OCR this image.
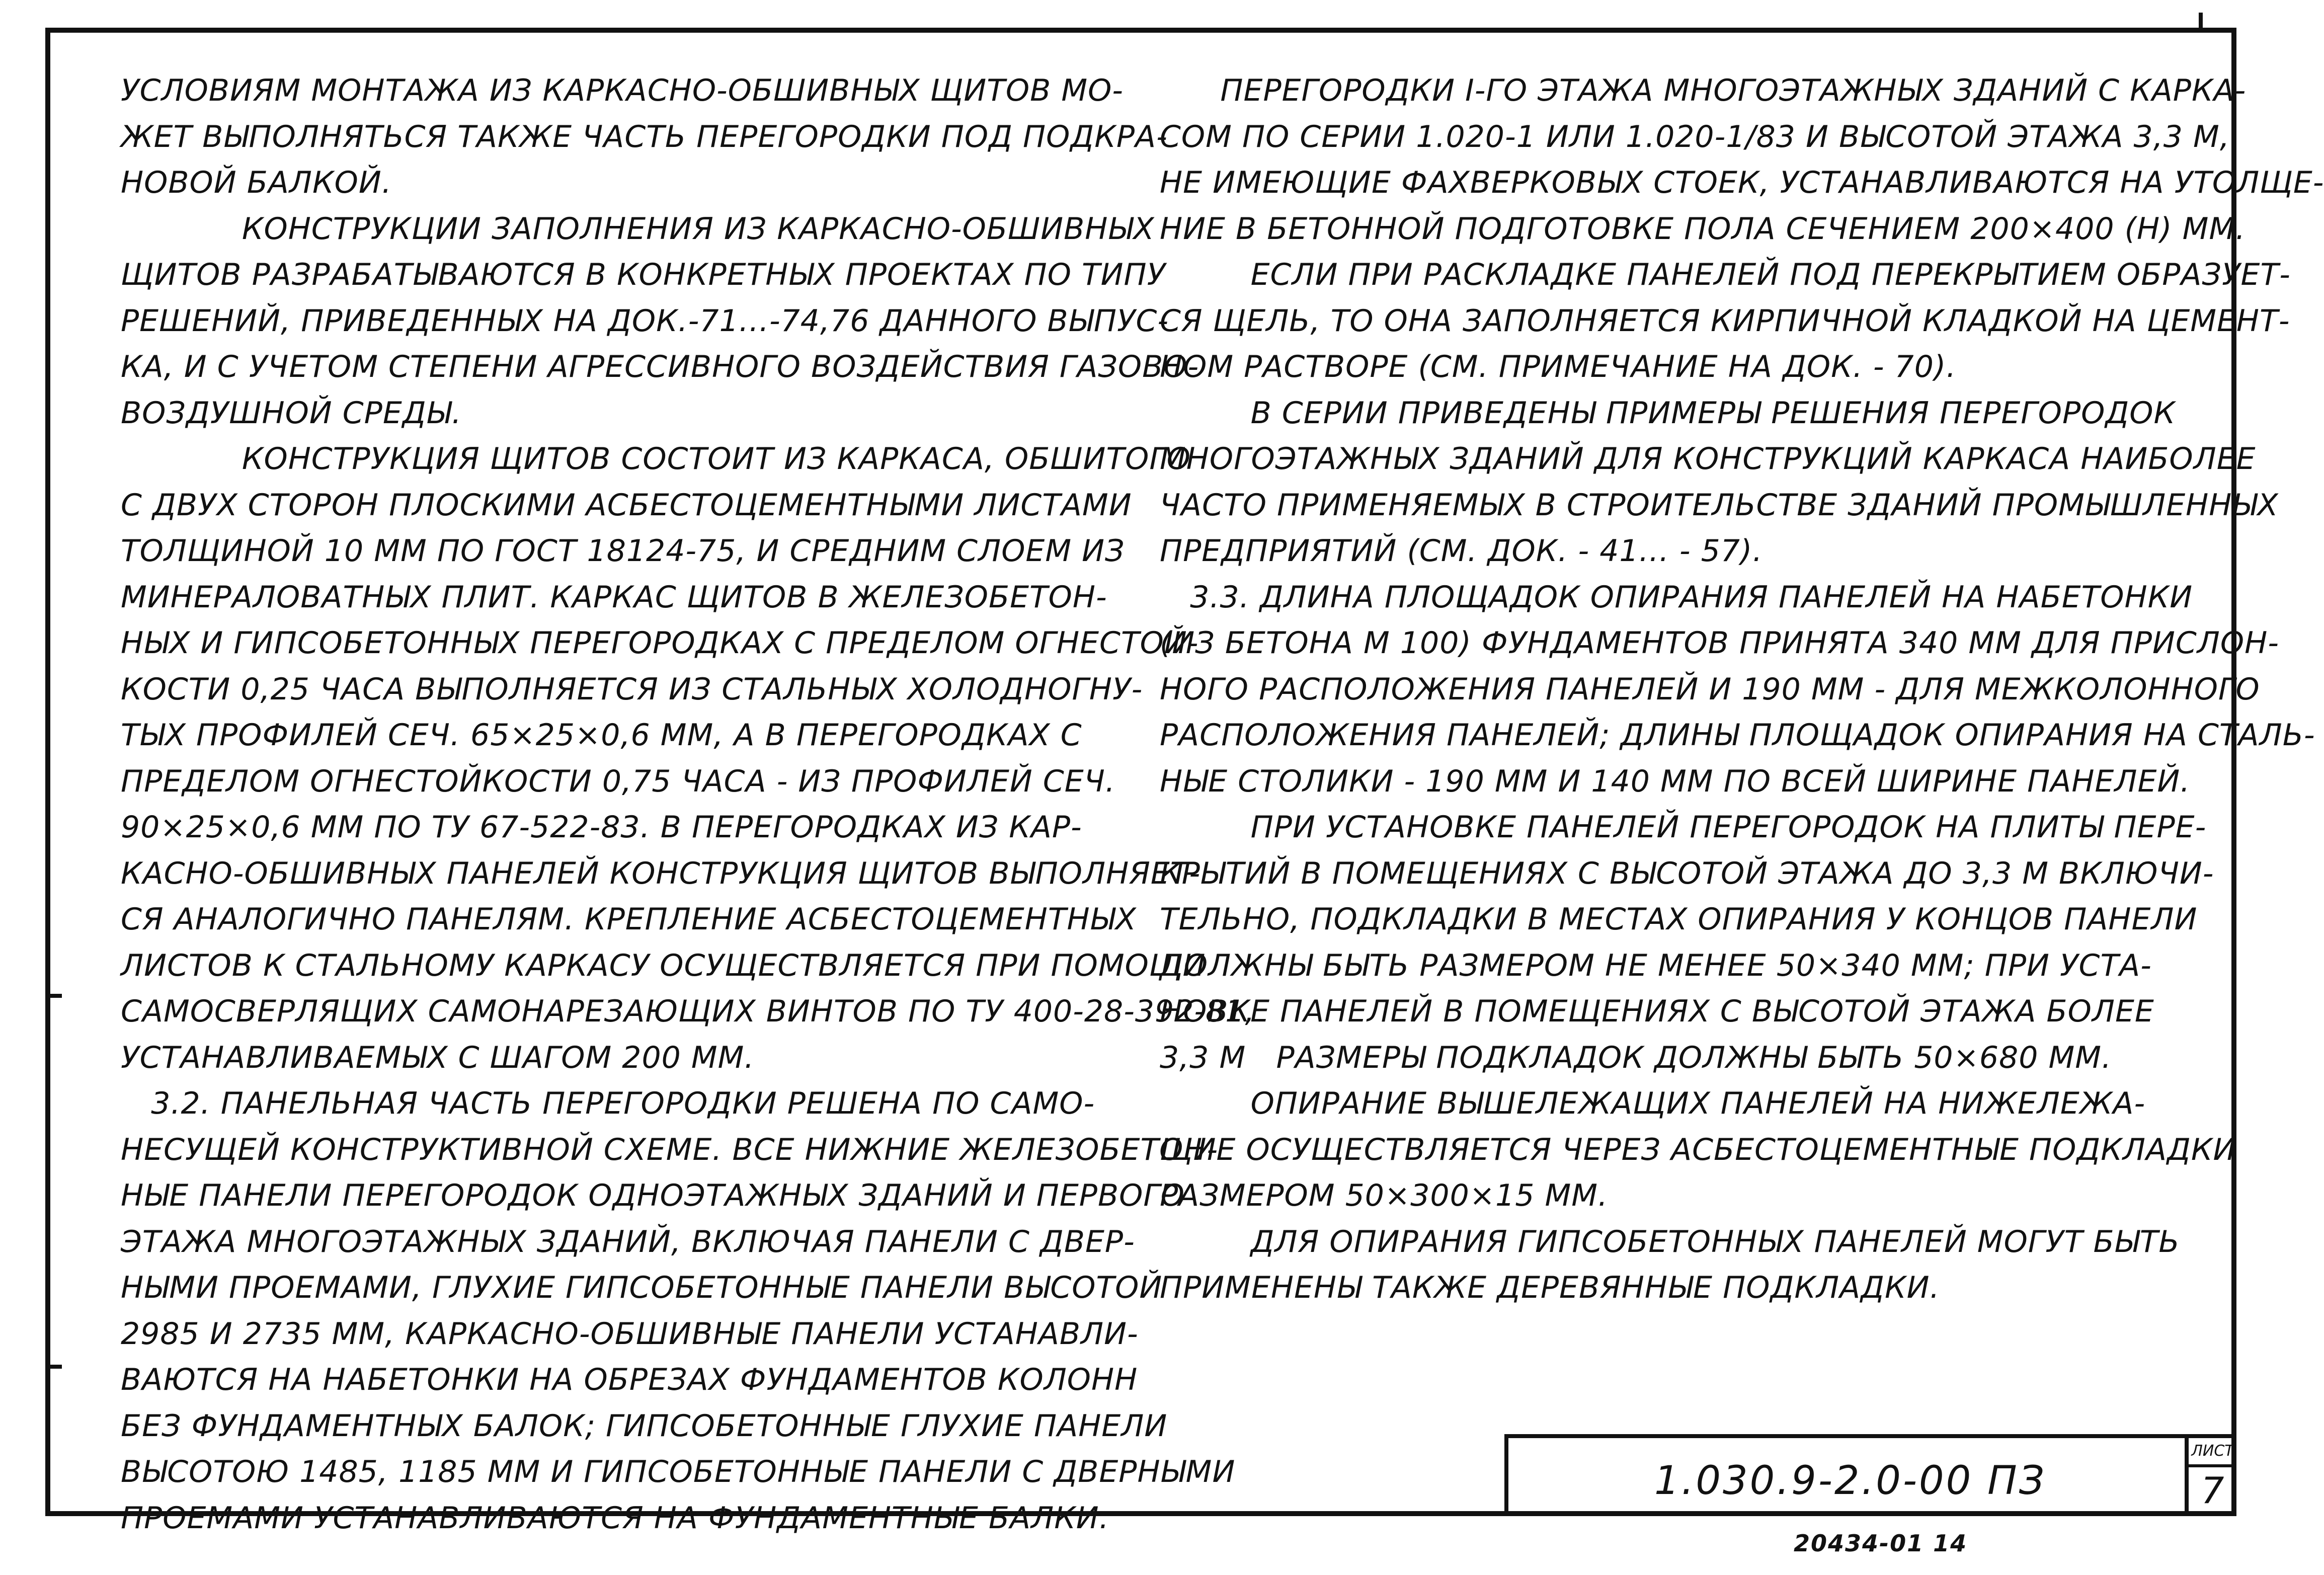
УСЛОВИЯМ МОНТАЖА ИЗ КАРКАСНО-ОБШИВНЫХ ЩИТОВ МО-
ЖЕТ ВЫПОЛНЯТЬСЯ ТАКЖЕ ЧАСТЬ ПЕРЕГОРОДКИ ПОД ПОДКРА-
НОВОЙ БАЛКОЙ.
КОНСТРУКЦИИ ЗАПОЛНЕНИЯ ИЗ КАРКАСНО-ОБШИВНЫХ
ЩИТОВ РАЗРАБАТЫВАЮТСЯ В КОНКРЕТНЫХ ПРОЕКТАХ ПО ТИПУ
РЕШЕНИЙ, ПРИВЕДЕННЫХ НА ДОК.-71...-74,76 ДАННОГО ВЫПУС-
КА, И С УЧЕТОМ СТЕПЕНИ АГРЕССИВНОГО ВОЗДЕЙСТВИЯ ГАЗОВО-
ВОЗДУШНОЙ СРЕДЫ.
КОНСТРУКЦИЯ ЩИТОВ СОСТОИТ ИЗ КАРКАСА, ОБШИТОГО
С ДВУХ СТОРОН ПЛОСКИМИ АСБЕСТОЦЕМЕНТНЫМИ ЛИСТАМИ
ТОЛЩИНОЙ 10 ММ ПО ГОСТ 18124-75, И СРЕДНИМ СЛОЕМ ИЗ
МИНЕРАЛОВАТНЫХ ПЛИТ. КАРКАС ЩИТОВ В ЖЕЛЕЗОБЕТОН-
НЫХ И ГИПСОБЕТОННЫХ ПЕРЕГОРОДКАХ С ПРЕДЕЛОМ ОГНЕСТОЙ-
КОСТИ 0,25 ЧАСА ВЫПОЛНЯЕТСЯ ИЗ СТАЛЬНЫХ ХОЛОДНОГНУ-
ТЫХ ПРОФИЛЕЙ СЕЧ. 65×25×0,6 ММ, А В ПЕРЕГОРОДКАХ С
ПРЕДЕЛОМ ОГНЕСТОЙКОСТИ 0,75 ЧАСА - ИЗ ПРОФИЛЕЙ СЕЧ.
90×25×0,6 ММ ПО ТУ 67-522-83. В ПЕРЕГОРОДКАХ ИЗ КАР-
КАСНО-ОБШИВНЫХ ПАНЕЛЕЙ КОНСТРУКЦИЯ ЩИТОВ ВЫПОЛНЯЕТ-
СЯ АНАЛОГИЧНО ПАНЕЛЯМ. КРЕПЛЕНИЕ АСБЕСТОЦЕМЕНТНЫХ
ЛИСТОВ К СТАЛЬНОМУ КАРКАСУ ОСУЩЕСТВЛЯЕТСЯ ПРИ ПОМОЩИ
САМОСВЕРЛЯЩИХ САМОНАРЕЗАЮЩИХ ВИНТОВ ПО ТУ 400-28-392-81,
УСТАНАВЛИВАЕМЫХ С ШАГОМ 200 ММ.
3.2. ПАНЕЛЬНАЯ ЧАСТЬ ПЕРЕГОРОДКИ РЕШЕНА ПО САМО-
НЕСУЩЕЙ КОНСТРУКТИВНОЙ СХЕМЕ. ВСЕ НИЖНИЕ ЖЕЛЕЗОБЕТОН-
НЫЕ ПАНЕЛИ ПЕРЕГОРОДОК ОДНОЭТАЖНЫХ ЗДАНИЙ И ПЕРВОГО
ЭТАЖА МНОГОЭТАЖНЫХ ЗДАНИЙ, ВКЛЮЧАЯ ПАНЕЛИ С ДВЕР-
НЫМИ ПРОЕМАМИ, ГЛУХИЕ ГИПСОБЕТОННЫЕ ПАНЕЛИ ВЫСОТОЙ
2985 И 2735 ММ, КАРКАСНО-ОБШИВНЫЕ ПАНЕЛИ УСТАНАВЛИ-
ВАЮТСЯ НА НАБЕТОНКИ НА ОБРЕЗАХ ФУНДАМЕНТОВ КОЛОНН
БЕЗ ФУНДАМЕНТНЫХ БАЛОК; ГИПСОБЕТОННЫЕ ГЛУХИЕ ПАНЕЛИ
ВЫСОТОЮ 1485, 1185 ММ И ГИПСОБЕТОННЫЕ ПАНЕЛИ С ДВЕРНЫМИ
ПРОЕМАМИ УСТАНАВЛИВАЮТСЯ НА ФУНДАМЕНТНЫЕ БАЛКИ.
ПЕРЕГОРОДКИ I-ГО ЭТАЖА МНОГОЭТАЖНЫХ ЗДАНИЙ С КАРКА-
СОМ ПО СЕРИИ 1.020-1 ИЛИ 1.020-1/83 И ВЫСОТОЙ ЭТАЖА 3,3 М,
НЕ ИМЕЮЩИЕ ФАХВЕРКОВЫХ СТОЕК, УСТАНАВЛИВАЮТСЯ НА УТОЛЩЕ-
НИЕ В БЕТОННОЙ ПОДГОТОВКЕ ПОЛА СЕЧЕНИЕМ 200×400 (Н) ММ.
ЕСЛИ ПРИ РАСКЛАДКЕ ПАНЕЛЕЙ ПОД ПЕРЕКРЫТИЕМ ОБРАЗУЕТ-
СЯ ЩЕЛЬ, ТО ОНА ЗАПОЛНЯЕТСЯ КИРПИЧНОЙ КЛАДКОЙ НА ЦЕМЕНТ-
НОМ РАСТВОРЕ (СМ. ПРИМЕЧАНИЕ НА ДОК. - 70).
В СЕРИИ ПРИВЕДЕНЫ ПРИМЕРЫ РЕШЕНИЯ ПЕРЕГОРОДОК
МНОГОЭТАЖНЫХ ЗДАНИЙ ДЛЯ КОНСТРУКЦИЙ КАРКАСА НАИБОЛЕЕ
ЧАСТО ПРИМЕНЯЕМЫХ В СТРОИТЕЛЬСТВЕ ЗДАНИЙ ПРОМЫШЛЕННЫХ
ПРЕДПРИЯТИЙ (СМ. ДОК. - 41... - 57).
3.3. ДЛИНА ПЛОЩАДОК ОПИРАНИЯ ПАНЕЛЕЙ НА НАБЕТОНКИ
(ИЗ БЕТОНА М 100) ФУНДАМЕНТОВ ПРИНЯТА 340 ММ ДЛЯ ПРИСЛОН-
НОГО РАСПОЛОЖЕНИЯ ПАНЕЛЕЙ И 190 ММ - ДЛЯ МЕЖКОЛОННОГО
РАСПОЛОЖЕНИЯ ПАНЕЛЕЙ; ДЛИНЫ ПЛОЩАДОК ОПИРАНИЯ НА СТАЛЬ-
НЫЕ СТОЛИКИ - 190 ММ И 140 ММ ПО ВСЕЙ ШИРИНЕ ПАНЕЛЕЙ.
ПРИ УСТАНОВКЕ ПАНЕЛЕЙ ПЕРЕГОРОДОК НА ПЛИТЫ ПЕРЕ-
КРЫТИЙ В ПОМЕЩЕНИЯХ С ВЫСОТОЙ ЭТАЖА ДО 3,3 М ВКЛЮЧИ-
ТЕЛЬНО, ПОДКЛАДКИ В МЕСТАХ ОПИРАНИЯ У КОНЦОВ ПАНЕЛИ
ДОЛЖНЫ БЫТЬ РАЗМЕРОМ НЕ МЕНЕЕ 50×340 ММ; ПРИ УСТА-
НОВКЕ ПАНЕЛЕЙ В ПОМЕЩЕНИЯХ С ВЫСОТОЙ ЭТАЖА БОЛЕЕ
3,3 М   РАЗМЕРЫ ПОДКЛАДОК ДОЛЖНЫ БЫТЬ 50×680 ММ.
ОПИРАНИЕ ВЫШЕЛЕЖАЩИХ ПАНЕЛЕЙ НА НИЖЕЛЕЖА-
ЩИЕ ОСУЩЕСТВЛЯЕТСЯ ЧЕРЕЗ АСБЕСТОЦЕМЕНТНЫЕ ПОДКЛАДКИ
РАЗМЕРОМ 50×300×15 ММ.
ДЛЯ ОПИРАНИЯ ГИПСОБЕТОННЫХ ПАНЕЛЕЙ МОГУТ БЫТЬ
ПРИМЕНЕНЫ ТАКЖЕ ДЕРЕВЯННЫЕ ПОДКЛАДКИ.
1.030.9-2.0-00 ПЗ
ЛИСТ
7
20434-01 14
